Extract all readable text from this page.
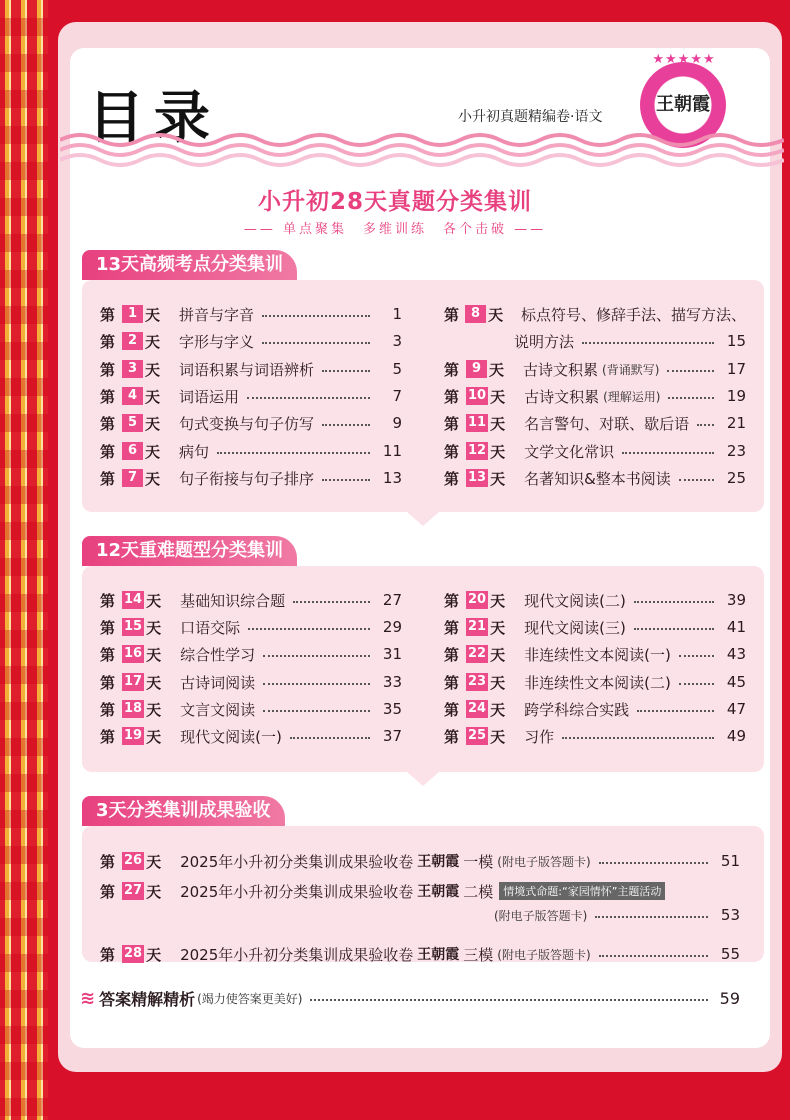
目录	小升初真题精编卷·语文
★★★★★
王朝霞
小升初28天真题分类集训
—— 单点聚集　多维训练　各个击破 ——
13天高频考点分类集训
12天重难题型分类集训
3天分类集训成果验收
≋ 答案精解精析 (竭力使答案更美好)	59
第 1 天	拼音与字音	1
第 2 天	字形与字义	3
第 3 天	词语积累与词语辨析	5
第 4 天	词语运用	7
第 5 天	句式变换与句子仿写	9
第 6 天	病句	11
第 7 天	句子衔接与句子排序	13
第 8 天	标点符号、修辞手法、描写方法、
说明方法	15
第 9 天	古诗文积累 (背诵默写)	17
第 10 天	古诗文积累 (理解运用)	19
第 11 天	名言警句、对联、歇后语	21
第 12 天	文学文化常识	23
第 13 天	名著知识&整本书阅读	25
第 14 天	基础知识综合题	27
第 15 天	口语交际	29
第 16 天	综合性学习	31
第 17 天	古诗词阅读	33
第 18 天	文言文阅读	35
第 19 天	现代文阅读(一)	37
第 20 天	现代文阅读(二)	39
第 21 天	现代文阅读(三)	41
第 22 天	非连续性文本阅读(一)	43
第 23 天	非连续性文本阅读(二)	45
第 24 天	跨学科综合实践	47
第 25 天	习作	49
第 26 天	2025年小升初分类集训成果验收卷 王朝霞 一模 (附电子版答题卡)	51
第 27 天	2025年小升初分类集训成果验收卷 王朝霞 二模 情境式命题:“家园情怀”主题活动
(附电子版答题卡)	53
第 28 天	2025年小升初分类集训成果验收卷 王朝霞 三模 (附电子版答题卡)	55
